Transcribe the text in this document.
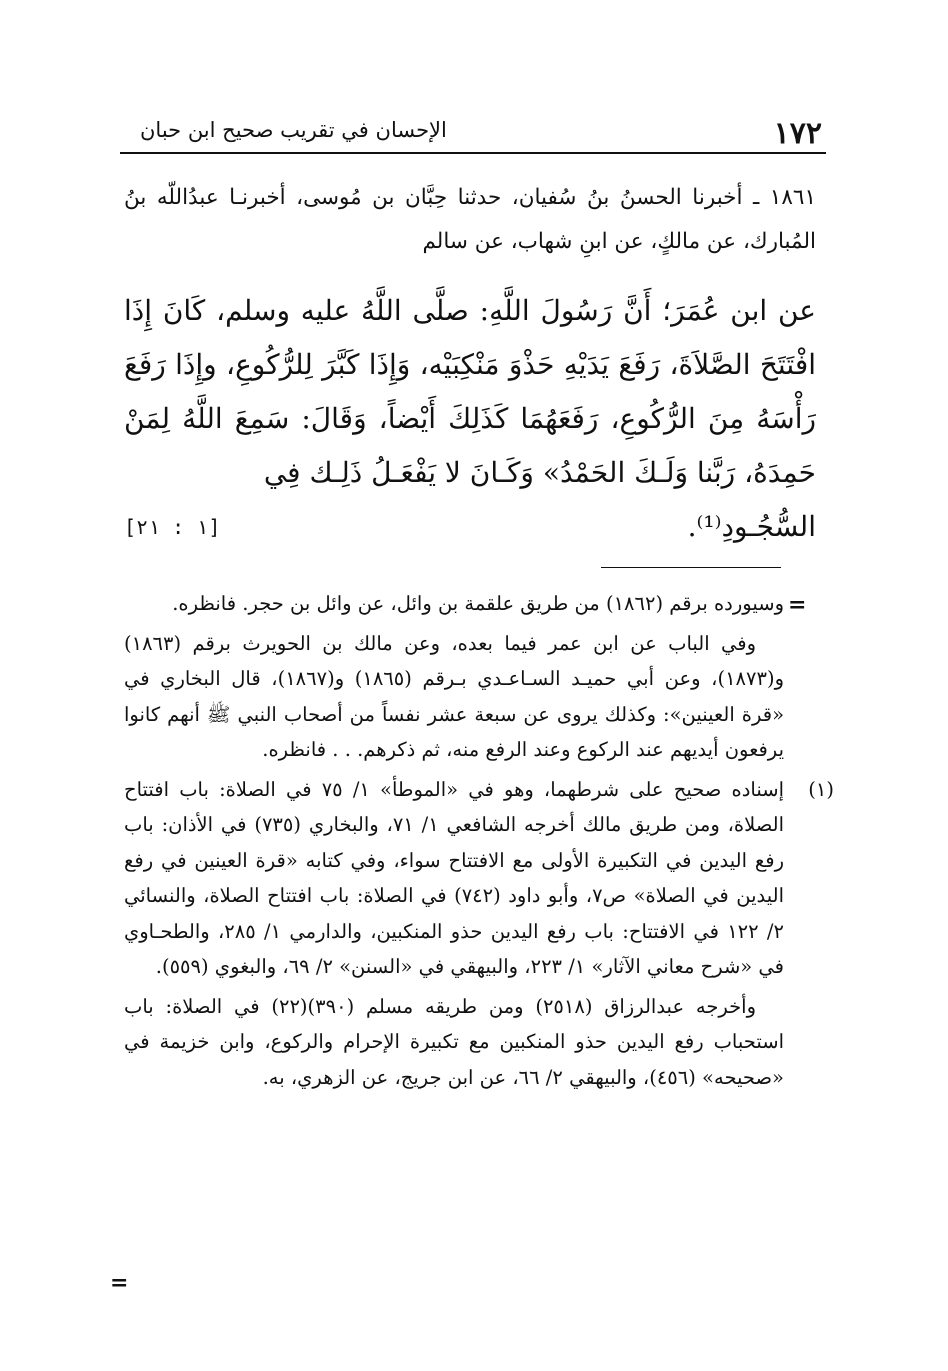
١٧٢
الإحسان في تقريب صحيح ابن حبان
١٨٦١ ـ أخبرنا الحسنُ بنُ سُفيان، حدثنا حِبَّان بن مُوسى، أخبرنـا عبدُاللّه بنُ المُبارك، عن مالكٍ، عن ابنِ شهاب، عن سالم
عن ابن عُمَرَ؛ أَنَّ رَسُولَ اللَّهِ: صلَّى اللَّهُ عليه وسلم، كَانَ إِذَا افْتَتَحَ الصَّلاَةَ، رَفَعَ يَدَيْهِ حَذْوَ مَنْكِبَيْه، وَإِذَا كَبَّرَ لِلرُّكُوعِ، وإِذَا رَفَعَ رَأْسَهُ مِنَ الرُّكُوعِ، رَفَعَهُمَا كَذَلِكَ أَيْضاً، وَقَالَ: سَمِعَ اللَّهُ لِمَنْ حَمِدَهُ، رَبَّنا وَلَـكَ الحَمْدُ» وَكَـانَ لا يَفْعَـلُ ذَلِـك فِي
السُّجُـودِ⁽¹⁾.
[١ : ٢١]
=

وسيورده برقم (١٨٦٢) من طريق علقمة بن وائل، عن وائل بن حجر. فانظره.

وفي الباب عن ابن عمر فيما بعده، وعن مالك بن الحويرث برقم (١٨٦٣) و(١٨٧٣)، وعن أبي حميـد السـاعـدي بـرقم (١٨٦٥) و(١٨٦٧)، قال البخاري في «قرة العينين»: وكذلك يروى عن سبعة عشر نفساً من أصحاب النبي ﷺ أنهم كانوا يرفعون أيديهم عند الركوع وعند الرفع منه، ثم ذكرهم. . . فانظره.

(١)
إسناده صحيح على شرطهما، وهو في «الموطأ» ١/ ٧٥ في الصلاة: باب افتتاح الصلاة، ومن طريق مالك أخرجه الشافعي ١/ ٧١، والبخاري (٧٣٥) في الأذان: باب رفع اليدين في التكبيرة الأولى مع الافتتاح سواء، وفي كتابه «قرة العينين في رفع اليدين في الصلاة» ص٧، وأبو داود (٧٤٢) في الصلاة: باب افتتاح الصلاة، والنسائي ٢/ ١٢٢ في الافتتاح: باب رفع اليدين حذو المنكبين، والدارمي ١/ ٢٨٥، والطحـاوي في «شرح معاني الآثار» ١/ ٢٢٣، والبيهقي في «السنن» ٢/ ٦٩، والبغوي (٥٥٩).

وأخرجه عبدالرزاق (٢٥١٨) ومن طريقه مسلم (٣٩٠)(٢٢) في الصلاة: باب استحباب رفع اليدين حذو المنكبين مع تكبيرة الإحرام والركوع، وابن خزيمة في «صحيحه» (٤٥٦)، والبيهقي ٢/ ٦٦، عن ابن جريج، عن الزهري، به.

=
